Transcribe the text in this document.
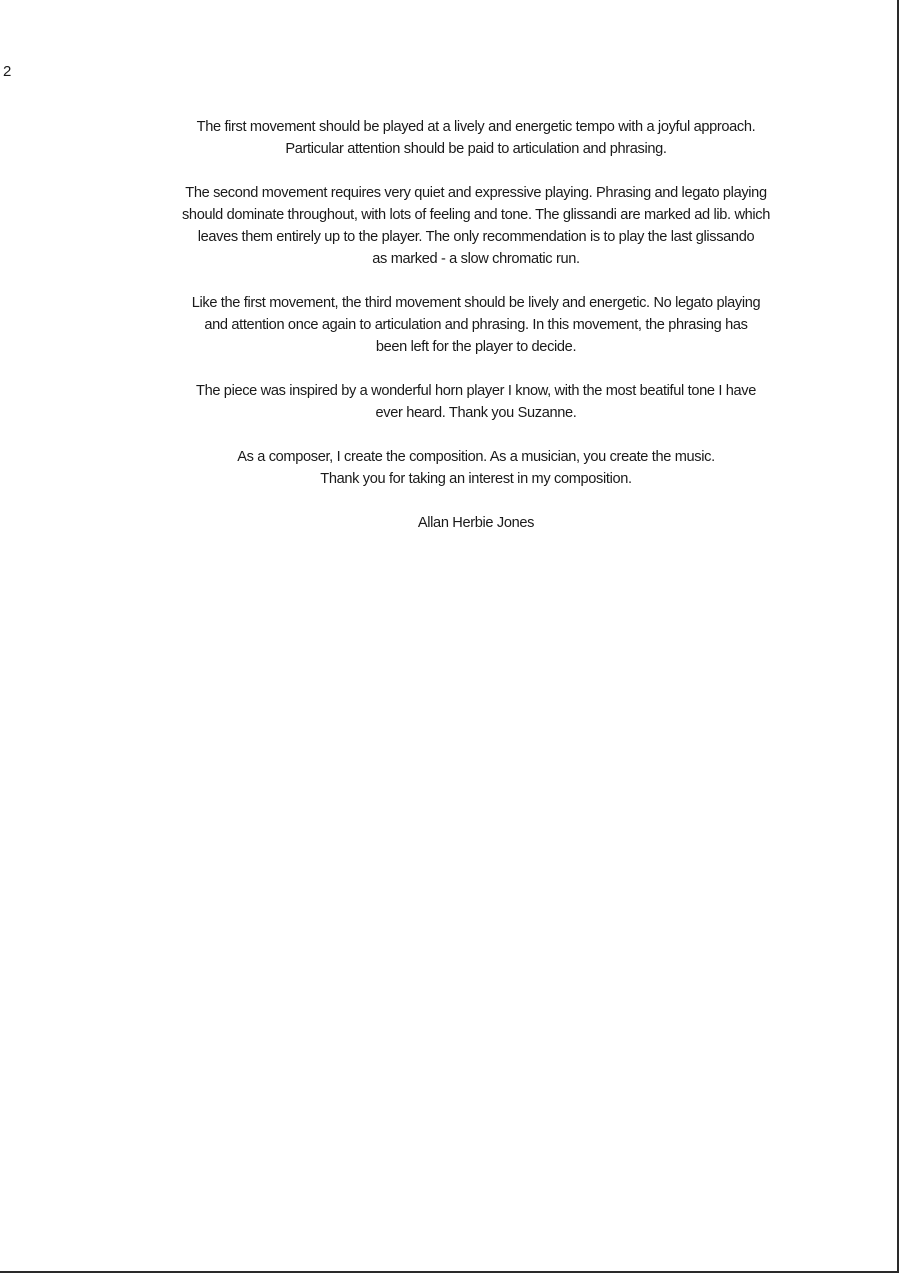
2

The first movement should be played at a lively and energetic tempo with a joyful approach.
Particular attention should be paid to articulation and phrasing.

The second movement requires very quiet and expressive playing. Phrasing and legato playing
should dominate throughout, with lots of feeling and tone. The glissandi are marked ad lib. which
leaves them entirely up to the player. The only recommendation is to play the last glissando
as marked - a slow chromatic run.

Like the first movement, the third movement should be lively and energetic. No legato playing
and attention once again to articulation and phrasing. In this movement, the phrasing has
been left for the player to decide.

The piece was inspired by a wonderful horn player I know, with the most beatiful tone I have
ever heard. Thank you Suzanne.

As a composer, I create the composition. As a musician, you create the music.
Thank you for taking an interest in my composition.

Allan Herbie Jones
